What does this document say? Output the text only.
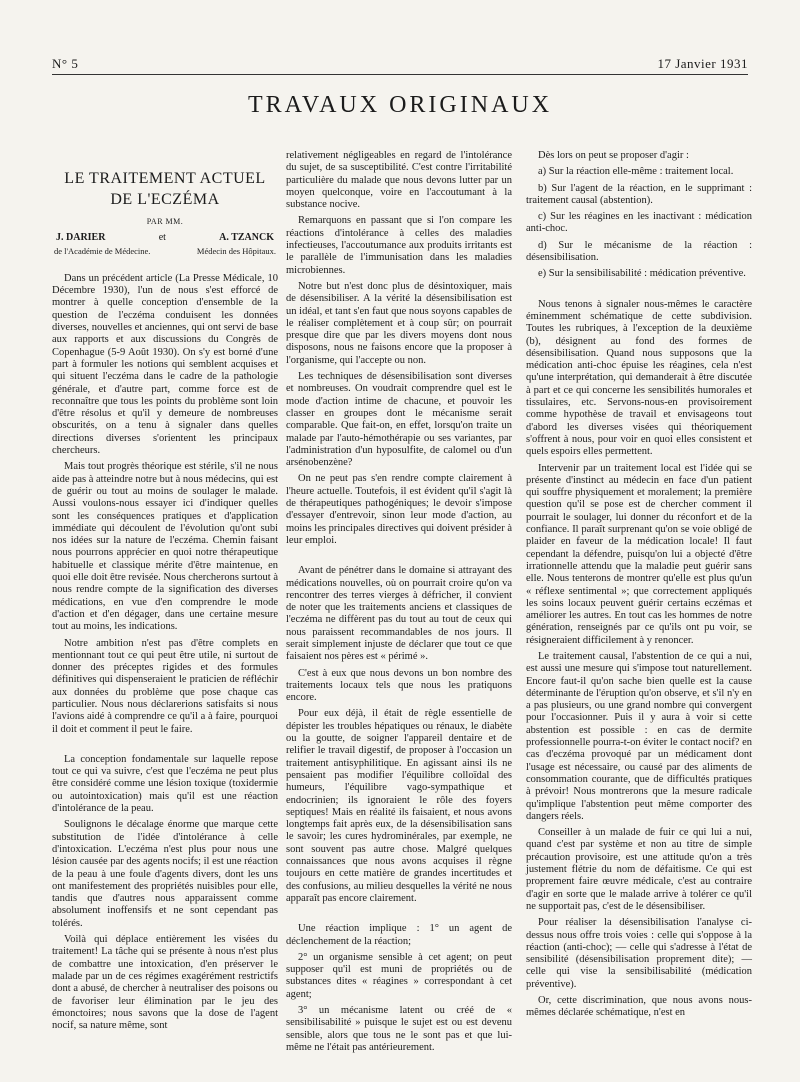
N° 5	17 Janvier 1931
TRAVAUX ORIGINAUX
LE TRAITEMENT ACTUEL
DE L'ECZÉMA
PAR MM.
J. DARIER	et	A. TZANCK
de l'Académie de Médecine.	Médecin des Hôpitaux.

Dans un précédent article (La Presse Médicale, 10 Décembre 1930), l'un de nous s'est efforcé de montrer à quelle conception d'ensemble de la question de l'eczéma conduisent les données diverses, nouvelles et anciennes, qui ont servi de base aux rapports et aux discussions du Congrès de Copenhague (5-9 Août 1930). On s'y est borné d'une part à formuler les notions qui semblent acquises et qui situent l'eczéma dans le cadre de la pathologie générale, et d'autre part, comme force est de reconnaître que tous les points du problème sont loin d'être résolus et qu'il y demeure de nombreuses obscurités, on a tenu à signaler dans quelles directions diverses s'orientent les principaux chercheurs.

Mais tout progrès théorique est stérile, s'il ne nous aide pas à atteindre notre but à nous médecins, qui est de guérir ou tout au moins de soulager le malade. Aussi voulons-nous essayer ici d'indiquer quelles sont les conséquences pratiques et d'application immédiate qui découlent de l'évolution qu'ont subi nos idées sur la nature de l'eczéma. Chemin faisant nous pourrons apprécier en quoi notre thérapeutique habituelle et classique mérite d'être maintenue, en quoi elle doit être revisée. Nous chercherons surtout à nous rendre compte de la signification des diverses médications, en vue d'en comprendre le mode d'action et d'en dégager, dans une certaine mesure tout au moins, les indications.

Notre ambition n'est pas d'être complets en mentionnant tout ce qui peut être utile, ni surtout de donner des préceptes rigides et des formules définitives qui dispenseraient le praticien de réfléchir aux données du problème que pose chaque cas particulier. Nous nous déclarerions satisfaits si nous l'avions aidé à comprendre ce qu'il a à faire, pourquoi il doit et comment il peut le faire.

La conception fondamentale sur laquelle repose tout ce qui va suivre, c'est que l'eczéma ne peut plus être considéré comme une lésion toxique (toxidermie ou autointoxication) mais qu'il est une réaction d'intolérance de la peau.

Soulignons le décalage énorme que marque cette substitution de l'idée d'intolérance à celle d'intoxication. L'eczéma n'est plus pour nous une lésion causée par des agents nocifs; il est une réaction de la peau à une foule d'agents divers, dont les uns ont manifestement des propriétés nuisibles pour elle, tandis que d'autres nous apparaissent comme absolument inoffensifs et ne sont cependant pas tolérés.

Voilà qui déplace entièrement les visées du traitement! La tâche qui se présente à nous n'est plus de combattre une intoxication, d'en préserver le malade par un de ces régimes exagérément restrictifs dont a abusé, de chercher à neutraliser des poisons ou de favoriser leur élimination par le jeu des émonctoires; nous savons que la dose de l'agent nocif, sa nature même, sont

relativement négligeables en regard de l'intolérance du sujet, de sa susceptibilité. C'est contre l'irritabilité particulière du malade que nous devons lutter par un moyen quelconque, voire en l'accoutumant à la substance nocive.

Remarquons en passant que si l'on compare les réactions d'intolérance à celles des maladies infectieuses, l'accoutumance aux produits irritants est le parallèle de l'immunisation dans les maladies microbiennes.

Notre but n'est donc plus de désintoxiquer, mais de désensibiliser. A la vérité la désensibilisation est un idéal, et tant s'en faut que nous soyons capables de le réaliser complètement et à coup sûr; on pourrait presque dire que par les divers moyens dont nous disposons, nous ne faisons encore que la proposer à l'organisme, qui l'accepte ou non.

Les techniques de désensibilisation sont diverses et nombreuses. On voudrait comprendre quel est le mode d'action intime de chacune, et pouvoir les classer en groupes dont le mécanisme serait comparable. Que fait-on, en effet, lorsqu'on traite un malade par l'auto-hémothérapie ou ses variantes, par l'administration d'un hyposulfite, de calomel ou d'un arsénobenzène?

On ne peut pas s'en rendre compte clairement à l'heure actuelle. Toutefois, il est évident qu'il s'agit là de thérapeutiques pathogéniques; le devoir s'impose d'essayer d'entrevoir, sinon leur mode d'action, au moins les principales directives qui doivent présider à leur emploi.

Avant de pénétrer dans le domaine si attrayant des médications nouvelles, où on pourrait croire qu'on va rencontrer des terres vierges à défricher, il convient de noter que les traitements anciens et classiques de l'eczéma ne diffèrent pas du tout au tout de ceux qui nous paraissent recommandables de nos jours. Il serait simplement injuste de déclarer que tout ce que faisaient nos pères est « périmé ».

C'est à eux que nous devons un bon nombre des traitements locaux tels que nous les pratiquons encore.

Pour eux déjà, il était de règle essentielle de dépister les troubles hépatiques ou rénaux, le diabète ou la goutte, de soigner l'appareil dentaire et de relifier le travail digestif, de proposer à l'occasion un traitement antisyphilitique. En agissant ainsi ils ne pensaient pas modifier l'équilibre colloïdal des humeurs, l'équilibre vago-sympathique et endocrinien; ils ignoraient le rôle des foyers septiques! Mais en réalité ils faisaient, et nous avons longtemps fait après eux, de la désensibilisation sans le savoir; les cures hydrominérales, par exemple, ne sont souvent pas autre chose. Malgré quelques connaissances que nous avons acquises il règne toujours en cette matière de grandes incertitudes et des confusions, au milieu desquelles la vérité ne nous apparaît pas encore clairement.

Une réaction implique : 1° un agent de déclenchement de la réaction;

2° un organisme sensible à cet agent; on peut supposer qu'il est muni de propriétés ou de substances dites « réagines » correspondant à cet agent;

3° un mécanisme latent ou créé de « sensibilisabilité » puisque le sujet est ou est devenu sensible, alors que tous ne le sont pas et que lui-même ne l'était pas antérieurement.

Dès lors on peut se proposer d'agir :

a) Sur la réaction elle-même : traitement local.

b) Sur l'agent de la réaction, en le supprimant : traitement causal (abstention).

c) Sur les réagines en les inactivant : médication anti-choc.

d) Sur le mécanisme de la réaction : désensibilisation.

e) Sur la sensibilisabilité : médication préventive.

Nous tenons à signaler nous-mêmes le caractère éminemment schématique de cette subdivision. Toutes les rubriques, à l'exception de la deuxième (b), désignent au fond des formes de désensibilisation. Quand nous supposons que la médication anti-choc épuise les réagines, cela n'est qu'une interprétation, qui demanderait à être discutée à part et ce qui concerne les sensibilités humorales et tissulaires, etc. Servons-nous-en provisoirement comme hypothèse de travail et envisageons tout d'abord les diverses visées qui théoriquement s'offrent à nous, pour voir en quoi elles consistent et quels espoirs elles permettent.

Intervenir par un traitement local est l'idée qui se présente d'instinct au médecin en face d'un patient qui souffre physiquement et moralement; la première question qu'il se pose est de chercher comment il pourrait le soulager, lui donner du réconfort et de la confiance. Il paraît surprenant qu'on se voie obligé de plaider en faveur de la médication locale! Il faut cependant la défendre, puisqu'on lui a objecté d'être irrationnelle attendu que la maladie peut guérir sans elle. Nous tenterons de montrer qu'elle est plus qu'un « réflexe sentimental »; que correctement appliqués les soins locaux peuvent guérir certains eczémas et améliorer les autres. En tout cas les hommes de notre génération, renseignés par ce qu'ils ont pu voir, se résigneraient difficilement à y renoncer.

Le traitement causal, l'abstention de ce qui a nui, est aussi une mesure qui s'impose tout naturellement. Encore faut-il qu'on sache bien quelle est la cause déterminante de l'éruption qu'on observe, et s'il n'y en a pas plusieurs, ou une grand nombre qui convergent pour l'occasionner. Puis il y aura à voir si cette abstention est possible : en cas de dermite professionnelle pourra-t-on éviter le contact nocif? en cas d'eczéma provoqué par un médicament dont l'usage est nécessaire, ou causé par des aliments de consommation courante, que de difficultés pratiques à prévoir! Nous montrerons que la mesure radicale qu'implique l'abstention peut même comporter des dangers réels.

Conseiller à un malade de fuir ce qui lui a nui, quand c'est par système et non au titre de simple précaution provisoire, est une attitude qu'on a très justement flétrie du nom de défaitisme. Ce qui est proprement faire œuvre médicale, c'est au contraire d'agir en sorte que le malade arrive à tolérer ce qu'il ne supportait pas, c'est de le désensibiliser.

Pour réaliser la désensibilisation l'analyse ci-dessus nous offre trois voies : celle qui s'oppose à la réaction (anti-choc); — celle qui s'adresse à l'état de sensibilité (désensibilisation proprement dite); — celle qui vise la sensibilisabilité (médication préventive).

Or, cette discrimination, que nous avons nous-mêmes déclarée schématique, n'est en
